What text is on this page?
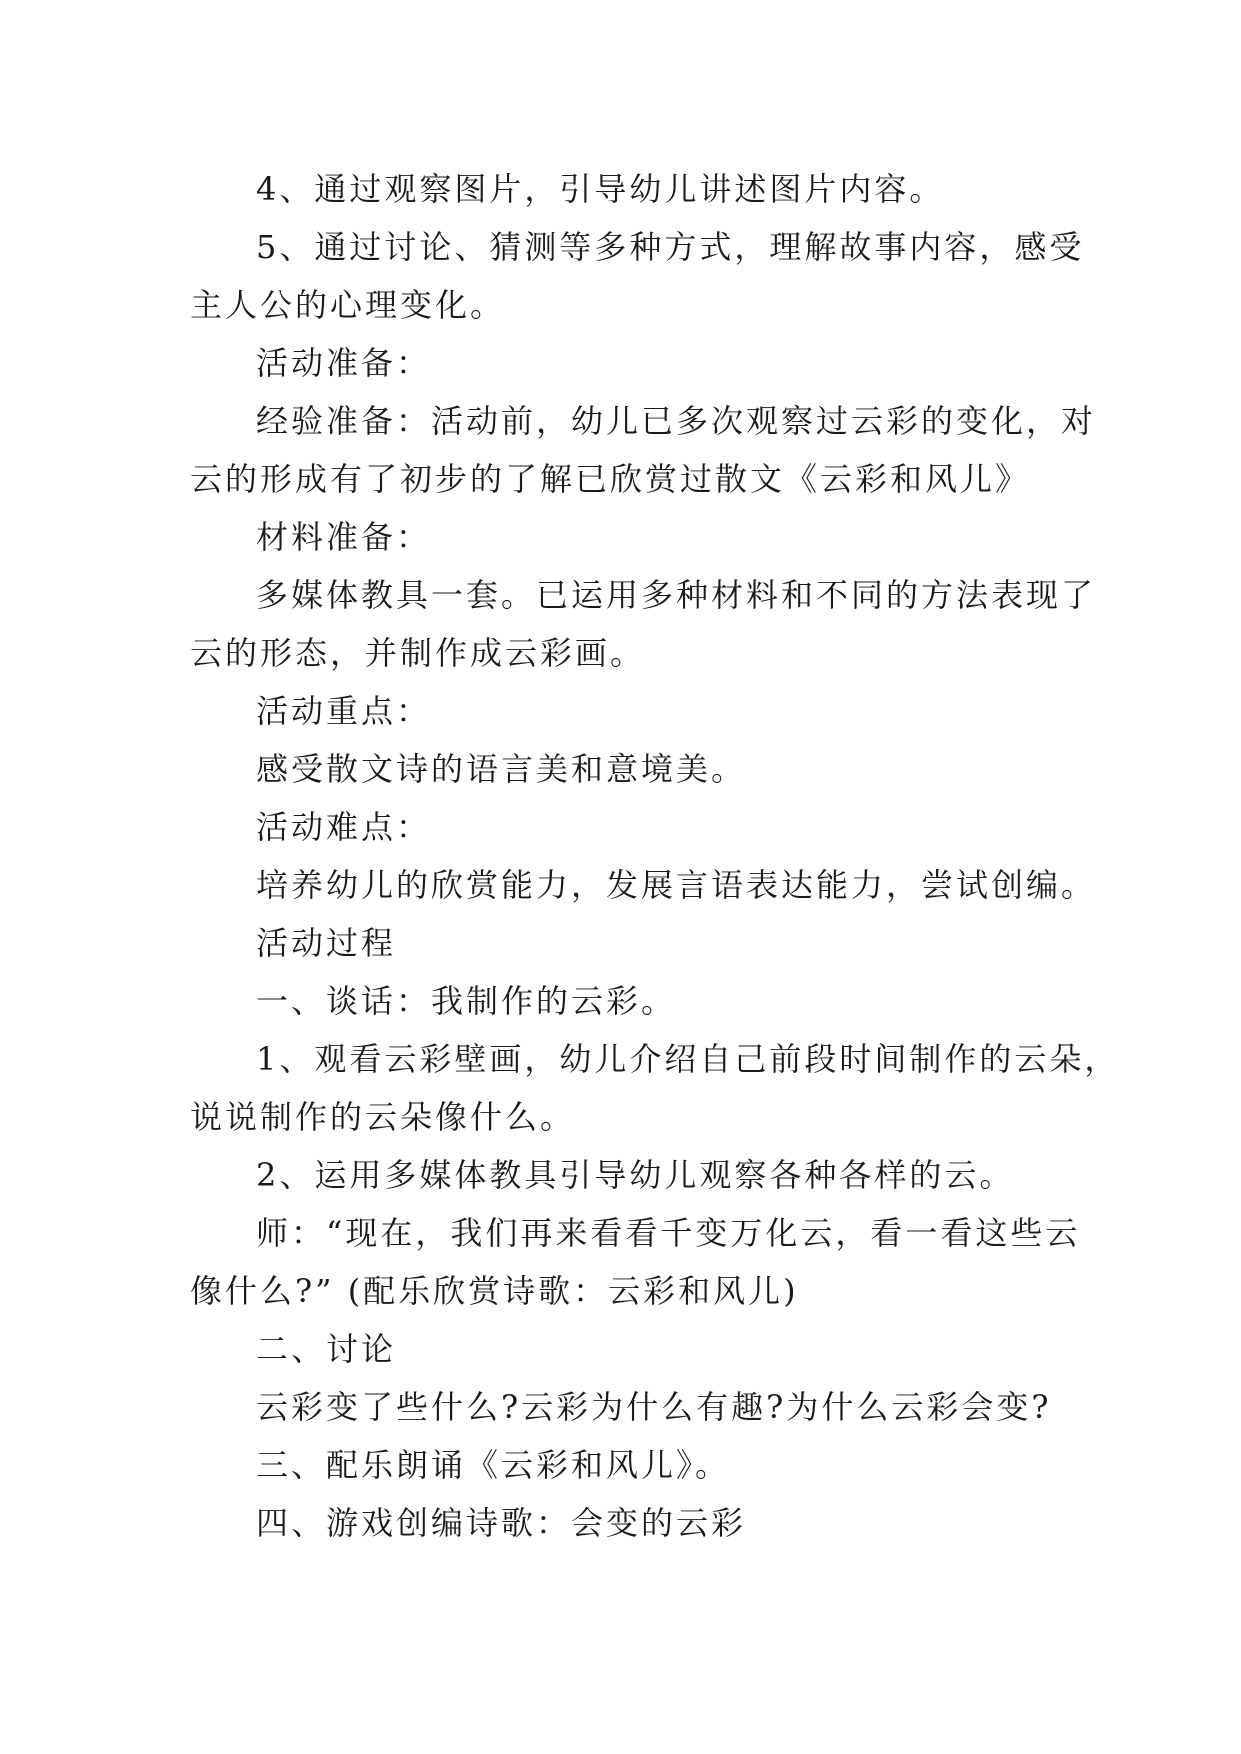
4、通过观察图片，引导幼儿讲述图片内容。
5、通过讨论、猜测等多种方式，理解故事内容，感受
主人公的心理变化。
活动准备：
经验准备：活动前，幼儿已多次观察过云彩的变化，对
云的形成有了初步的了解已欣赏过散文《云彩和风儿》
材料准备：
多媒体教具一套。已运用多种材料和不同的方法表现了
云的形态，并制作成云彩画。
活动重点：
感受散文诗的语言美和意境美。
活动难点：
培养幼儿的欣赏能力，发展言语表达能力，尝试创编。
活动过程
一、谈话：我制作的云彩。
1、观看云彩壁画，幼儿介绍自己前段时间制作的云朵，
说说制作的云朵像什么。
2、运用多媒体教具引导幼儿观察各种各样的云。
师：“现在，我们再来看看千变万化云，看一看这些云
像什么?” (配乐欣赏诗歌：云彩和风儿)
二、讨论
云彩变了些什么?云彩为什么有趣?为什么云彩会变?
三、配乐朗诵《云彩和风儿》。
四、游戏创编诗歌：会变的云彩
